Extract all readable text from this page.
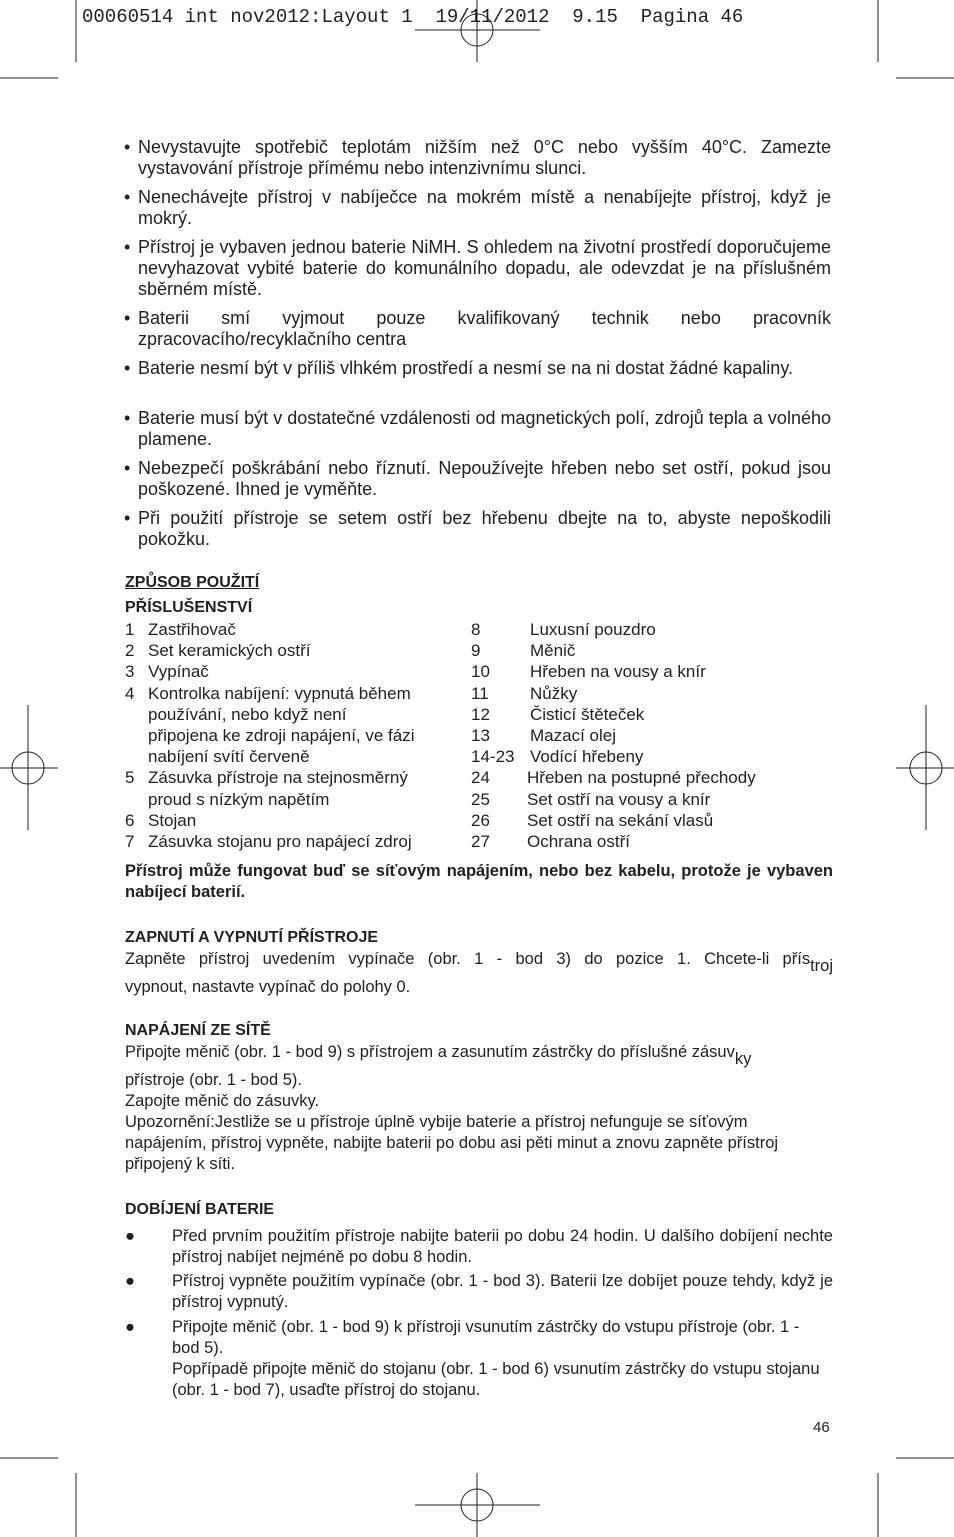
00060514 int nov2012:Layout 1  19/11/2012  9.15  Pagina 46
• Nevystavujte spotřebič teplotám nižším než 0°C nebo vyšším 40°C. Zamezte vystavování přístroje přímému nebo intenzivnímu slunci.
• Nenechávejte přístroj v nabíječce na mokrém místě a nenabíjejte přístroj, když je mokrý.
• Přístroj je vybaven jednou baterie NiMH. S ohledem na životní prostředí doporučujeme nevyhazovat vybité baterie do komunálního dopadu, ale odevzdat je na příslušném sběrném místě.
• Baterii smí vyjmout pouze kvalifikovaný technik nebo pracovník zpracovacího/recyklačního centra
• Baterie nesmí být v příliš vlhkém prostředí a nesmí se na ni dostat žádné kapaliny.
• Baterie musí být v dostatečné vzdálenosti od magnetických polí, zdrojů tepla a volného plamene.
• Nebezpečí poškrábání nebo říznutí. Nepoužívejte hřeben nebo set ostří, pokud jsou poškozené. Ihned je vyměňte.
• Při použití přístroje se setem ostří bez hřebenu dbejte na to, abyste nepoškodili pokožku.
ZPŮSOB POUŽITÍ
PŘÍSLUŠENSTVÍ
1 Zastřihovač
2 Set keramických ostří
3 Vypínač
4 Kontrolka nabíjení: vypnutá během
používání, nebo když není
připojena ke zdroji napájení, ve fázi
nabíjení svítí červeně
5 Zásuvka přístroje na stejnosměrný
proud s nízkým napětím
6 Stojan
7 Zásuvka stojanu pro napájecí zdroj
8	Luxusní pouzdro
9	Měnič
10	Hřeben na vousy a knír
11	Nůžky
12	Čisticí štěteček
13	Mazací olej
14-23 Vodící hřebeny
24	Hřeben na postupné přechody
25	Set ostří na vousy a knír
26	Set ostří na sekání vlasů
27	Ochrana ostří
Přístroj může fungovat buď se síťovým napájením, nebo bez kabelu, protože je vybaven nabíjecí baterií.
ZAPNUTÍ A VYPNUTÍ PŘÍSTROJE
Zapněte přístroj uvedením vypínače (obr. 1 - bod 3) do pozice 1. Chcete-li přístroj
vypnout, nastavte vypínač do polohy 0.
NAPÁJENÍ ZE SÍTĚ
Připojte měnič (obr. 1 - bod 9) s přístrojem a zasunutím zástrčky do příslušné zásuvky
přístroje (obr. 1 - bod 5).
Zapojte měnič do zásuvky.
Upozornění:Jestliže se u přístroje úplně vybije baterie a přístroj nefunguje se síťovým napájením, přístroj vypněte, nabijte baterii po dobu asi pěti minut a znovu zapněte přístroj připojený k síti.
DOBÍJENÍ BATERIE
●	Před prvním použitím přístroje nabijte baterii po dobu 24 hodin. U dalšího dobíjení nechte přístroj nabíjet nejméně po dobu 8 hodin.
●	Přístroj vypněte použitím vypínače (obr. 1 - bod 3). Baterii lze dobíjet pouze tehdy, když je přístroj vypnutý.
●	Připojte měnič (obr. 1 - bod 9) k přístroji vsunutím zástrčky do vstupu přístroje (obr. 1 - bod 5).
Popřípadě připojte měnič do stojanu (obr. 1 - bod 6) vsunutím zástrčky do vstupu stojanu (obr. 1 - bod 7), usaďte přístroj do stojanu.
46
